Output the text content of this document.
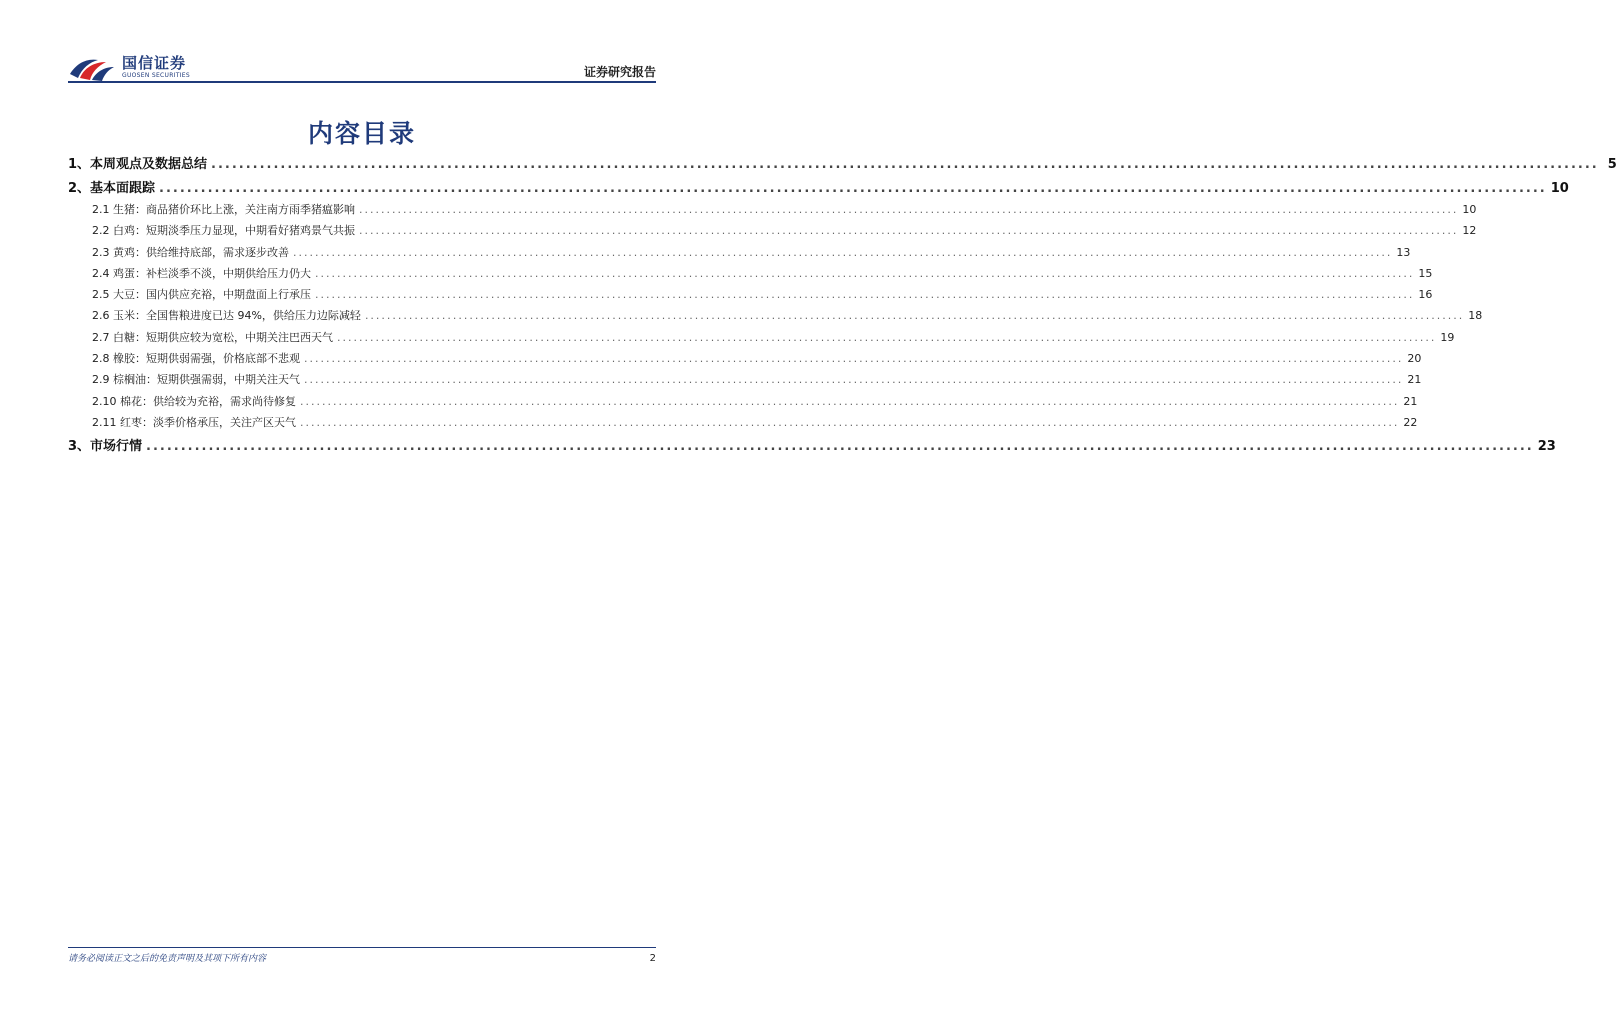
国信证券
GUOSEN SECURITIES	证券研究报告
内容目录
1、本周观点及数据总结 ........................................................................................................................................................................................................ 5
2、基本面跟踪 ........................................................................................................................................................................................................ 10
2.1 生猪：商品猪价环比上涨，关注南方雨季猪瘟影响 ........................................................................................................................................................................................................ 10
2.2 白鸡：短期淡季压力显现，中期看好猪鸡景气共振 ........................................................................................................................................................................................................ 12
2.3 黄鸡：供给维持底部，需求逐步改善 ........................................................................................................................................................................................................ 13
2.4 鸡蛋：补栏淡季不淡，中期供给压力仍大 ........................................................................................................................................................................................................ 15
2.5 大豆：国内供应充裕，中期盘面上行承压 ........................................................................................................................................................................................................ 16
2.6 玉米：全国售粮进度已达 94%，供给压力边际减轻 ........................................................................................................................................................................................................ 18
2.7 白糖：短期供应较为宽松，中期关注巴西天气 ........................................................................................................................................................................................................ 19
2.8 橡胶：短期供弱需强，价格底部不悲观 ........................................................................................................................................................................................................ 20
2.9 棕榈油：短期供强需弱，中期关注天气 ........................................................................................................................................................................................................ 21
2.10 棉花：供给较为充裕，需求尚待修复 ........................................................................................................................................................................................................ 21
2.11 红枣：淡季价格承压，关注产区天气 ........................................................................................................................................................................................................ 22
3、市场行情 ........................................................................................................................................................................................................ 23
请务必阅读正文之后的免责声明及其项下所有内容	2
